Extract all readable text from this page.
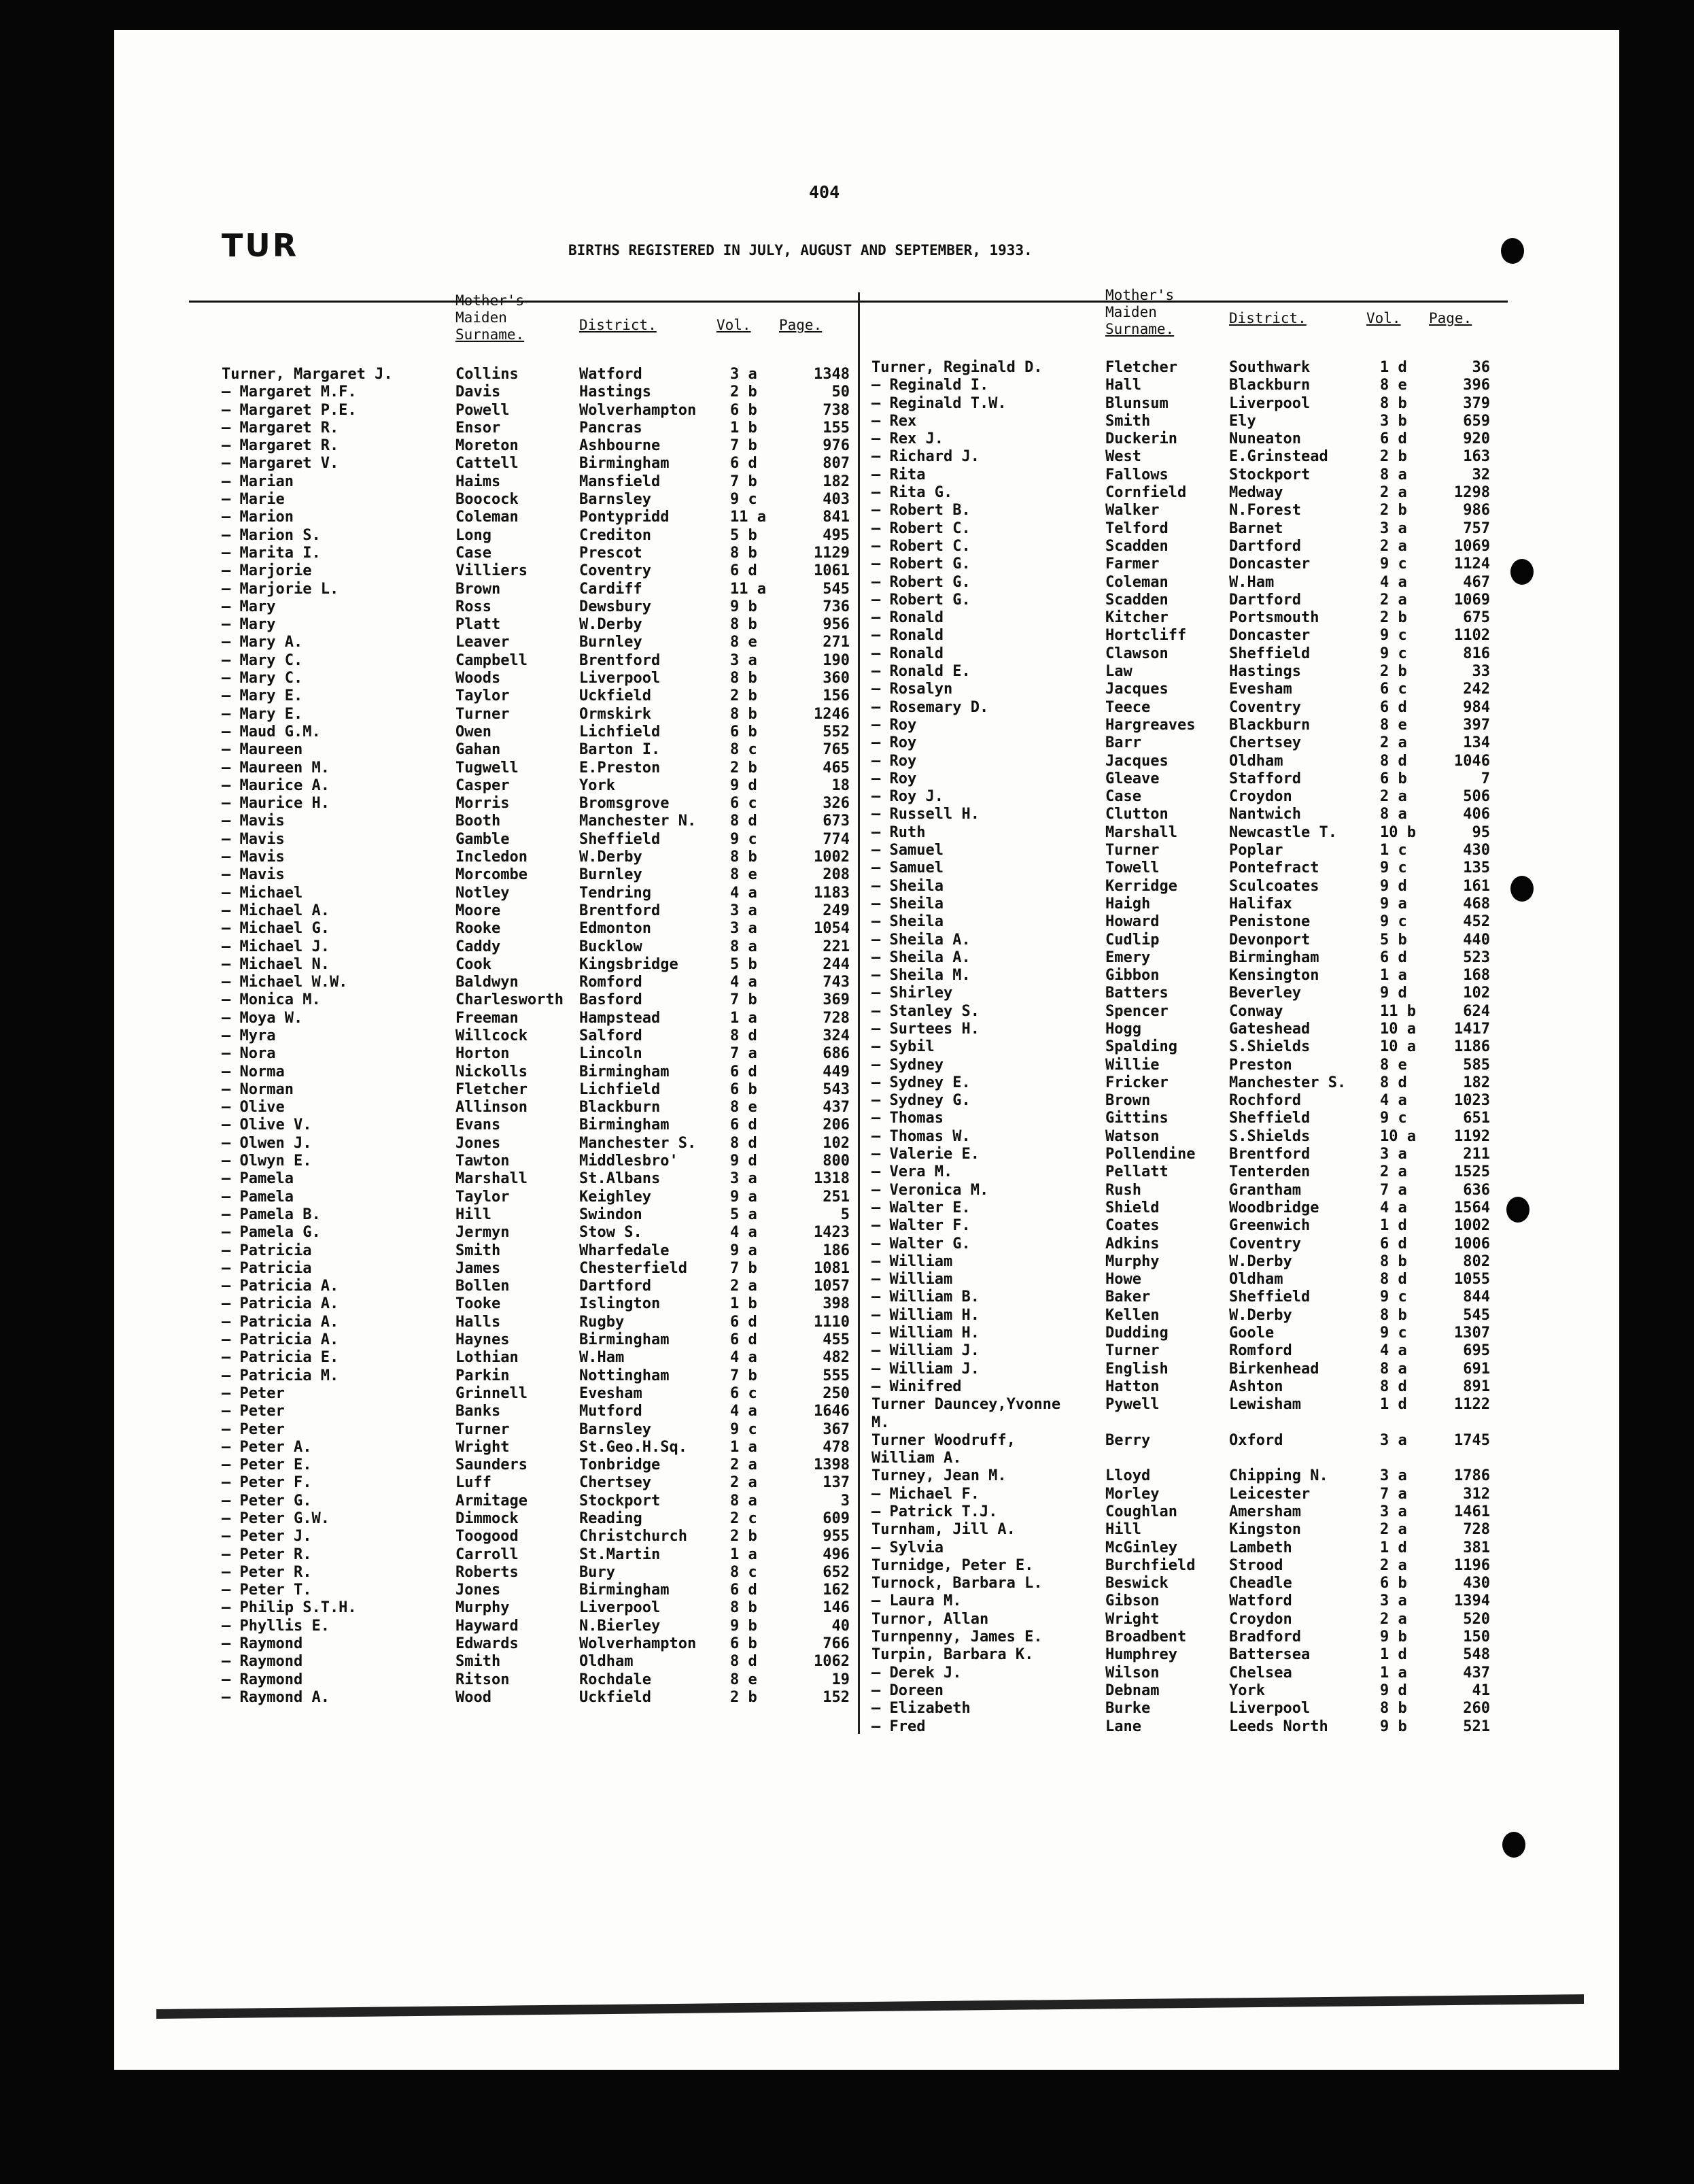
404
TUR	BIRTHS REGISTERED IN JULY, AUGUST AND SEPTEMBER, 1933.
Mother's
Maiden
Surname.
District.	Vol. Page.
Turner, Margaret J.	Collins	Watford	3 a	1348
— Margaret M.F.	Davis	Hastings	2 b	50
— Margaret P.E.	Powell	Wolverhampton 6 b	738
— Margaret R.	Ensor	Pancras	1 b	155
— Margaret R.	Moreton	Ashbourne	7 b	976
— Margaret V.	Cattell	Birmingham	6 d	807
— Marian	Haims	Mansfield	7 b	182
— Marie	Boocock	Barnsley	9 c	403
— Marion	Coleman	Pontypridd	11 a	841
— Marion S.	Long	Crediton	5 b	495
— Marita I.	Case	Prescot	8 b	1129
— Marjorie	Villiers	Coventry	6 d	1061
— Marjorie L.	Brown	Cardiff	11 a	545
— Mary	Ross	Dewsbury	9 b	736
— Mary	Platt	W.Derby	8 b	956
— Mary A.	Leaver	Burnley	8 e	271
— Mary C.	Campbell	Brentford	3 a	190
— Mary C.	Woods	Liverpool	8 b	360
— Mary E.	Taylor	Uckfield	2 b	156
— Mary E.	Turner	Ormskirk	8 b	1246
— Maud G.M.	Owen	Lichfield	6 b	552
— Maureen	Gahan	Barton I.	8 c	765
— Maureen M.	Tugwell	E.Preston	2 b	465
— Maurice A.	Casper	York	9 d	18
— Maurice H.	Morris	Bromsgrove	6 c	326
— Mavis	Booth	Manchester N. 8 d	673
— Mavis	Gamble	Sheffield	9 c	774
— Mavis	Incledon	W.Derby	8 b	1002
— Mavis	Morcombe	Burnley	8 e	208
— Michael	Notley	Tendring	4 a	1183
— Michael A.	Moore	Brentford	3 a	249
— Michael G.	Rooke	Edmonton	3 a	1054
— Michael J.	Caddy	Bucklow	8 a	221
— Michael N.	Cook	Kingsbridge	5 b	244
— Michael W.W.	Baldwyn	Romford	4 a	743
— Monica M.	Charlesworth Basford	7 b	369
— Moya W.	Freeman	Hampstead	1 a	728
— Myra	Willcock	Salford	8 d	324
— Nora	Horton	Lincoln	7 a	686
— Norma	Nickolls	Birmingham	6 d	449
— Norman	Fletcher	Lichfield	6 b	543
— Olive	Allinson	Blackburn	8 e	437
— Olive V.	Evans	Birmingham	6 d	206
— Olwen J.	Jones	Manchester S. 8 d	102
— Olwyn E.	Tawton	Middlesbro'	9 d	800
— Pamela	Marshall	St.Albans	3 a	1318
— Pamela	Taylor	Keighley	9 a	251
— Pamela B.	Hill	Swindon	5 a	5
— Pamela G.	Jermyn	Stow S.	4 a	1423
— Patricia	Smith	Wharfedale	9 a	186
— Patricia	James	Chesterfield	7 b	1081
— Patricia A.	Bollen	Dartford	2 a	1057
— Patricia A.	Tooke	Islington	1 b	398
— Patricia A.	Halls	Rugby	6 d	1110
— Patricia A.	Haynes	Birmingham	6 d	455
— Patricia E.	Lothian	W.Ham	4 a	482
— Patricia M.	Parkin	Nottingham	7 b	555
— Peter	Grinnell	Evesham	6 c	250
— Peter	Banks	Mutford	4 a	1646
— Peter	Turner	Barnsley	9 c	367
— Peter A.	Wright	St.Geo.H.Sq.	1 a	478
— Peter E.	Saunders	Tonbridge	2 a	1398
— Peter F.	Luff	Chertsey	2 a	137
— Peter G.	Armitage	Stockport	8 a	3
— Peter G.W.	Dimmock	Reading	2 c	609
— Peter J.	Toogood	Christchurch	2 b	955
— Peter R.	Carroll	St.Martin	1 a	496
— Peter R.	Roberts	Bury	8 c	652
— Peter T.	Jones	Birmingham	6 d	162
— Philip S.T.H.	Murphy	Liverpool	8 b	146
— Phyllis E.	Hayward	N.Bierley	9 b	40
— Raymond	Edwards	Wolverhampton 6 b	766
— Raymond	Smith	Oldham	8 d	1062
— Raymond	Ritson	Rochdale	8 e	19
— Raymond A.	Wood	Uckfield	2 b	152
Mother's
Maiden
Surname.
District.	Vol. Page.
Turner, Reginald D.	Fletcher	Southwark	1 d	36
— Reginald I.	Hall	Blackburn	8 e	396
— Reginald T.W.	Blunsum	Liverpool	8 b	379
— Rex	Smith	Ely	3 b	659
— Rex J.	Duckerin	Nuneaton	6 d	920
— Richard J.	West	E.Grinstead	2 b	163
— Rita	Fallows	Stockport	8 a	32
— Rita G.	Cornfield	Medway	2 a	1298
— Robert B.	Walker	N.Forest	2 b	986
— Robert C.	Telford	Barnet	3 a	757
— Robert C.	Scadden	Dartford	2 a	1069
— Robert G.	Farmer	Doncaster	9 c	1124
— Robert G.	Coleman	W.Ham	4 a	467
— Robert G.	Scadden	Dartford	2 a	1069
— Ronald	Kitcher	Portsmouth	2 b	675
— Ronald	Hortcliff	Doncaster	9 c	1102
— Ronald	Clawson	Sheffield	9 c	816
— Ronald E.	Law	Hastings	2 b	33
— Rosalyn	Jacques	Evesham	6 c	242
— Rosemary D.	Teece	Coventry	6 d	984
— Roy	Hargreaves Blackburn	8 e	397
— Roy	Barr	Chertsey	2 a	134
— Roy	Jacques	Oldham	8 d	1046
— Roy	Gleave	Stafford	6 b	7
— Roy J.	Case	Croydon	2 a	506
— Russell H.	Clutton	Nantwich	8 a	406
— Ruth	Marshall	Newcastle T.	10 b	95
— Samuel	Turner	Poplar	1 c	430
— Samuel	Towell	Pontefract	9 c	135
— Sheila	Kerridge	Sculcoates	9 d	161
— Sheila	Haigh	Halifax	9 a	468
— Sheila	Howard	Penistone	9 c	452
— Sheila A.	Cudlip	Devonport	5 b	440
— Sheila A.	Emery	Birmingham	6 d	523
— Sheila M.	Gibbon	Kensington	1 a	168
— Shirley	Batters	Beverley	9 d	102
— Stanley S.	Spencer	Conway	11 b	624
— Surtees H.	Hogg	Gateshead	10 a	1417
— Sybil	Spalding	S.Shields	10 a	1186
— Sydney	Willie	Preston	8 e	585
— Sydney E.	Fricker	Manchester S. 8 d	182
— Sydney G.	Brown	Rochford	4 a	1023
— Thomas	Gittins	Sheffield	9 c	651
— Thomas W.	Watson	S.Shields	10 a	1192
— Valerie E.	Pollendine Brentford	3 a	211
— Vera M.	Pellatt	Tenterden	2 a	1525
— Veronica M.	Rush	Grantham	7 a	636
— Walter E.	Shield	Woodbridge	4 a	1564
— Walter F.	Coates	Greenwich	1 d	1002
— Walter G.	Adkins	Coventry	6 d	1006
— William	Murphy	W.Derby	8 b	802
— William	Howe	Oldham	8 d	1055
— William B.	Baker	Sheffield	9 c	844
— William H.	Kellen	W.Derby	8 b	545
— William H.	Dudding	Goole	9 c	1307
— William J.	Turner	Romford	4 a	695
— William J.	English	Birkenhead	8 a	691
— Winifred	Hatton	Ashton	8 d	891
Turner Dauncey,Yvonne	Pywell	Lewisham	1 d	1122
M.
Turner Woodruff,	Berry	Oxford	3 a	1745
William A.
Turney, Jean M.	Lloyd	Chipping N.	3 a	1786
— Michael F.	Morley	Leicester	7 a	312
— Patrick T.J.	Coughlan	Amersham	3 a	1461
Turnham, Jill A.	Hill	Kingston	2 a	728
— Sylvia	McGinley	Lambeth	1 d	381
Turnidge, Peter E.	Burchfield Strood	2 a	1196
Turnock, Barbara L.	Beswick	Cheadle	6 b	430
— Laura M.	Gibson	Watford	3 a	1394
Turnor, Allan	Wright	Croydon	2 a	520
Turnpenny, James E.	Broadbent	Bradford	9 b	150
Turpin, Barbara K.	Humphrey	Battersea	1 d	548
— Derek J.	Wilson	Chelsea	1 a	437
— Doreen	Debnam	York	9 d	41
— Elizabeth	Burke	Liverpool	8 b	260
— Fred	Lane	Leeds North	9 b	521
